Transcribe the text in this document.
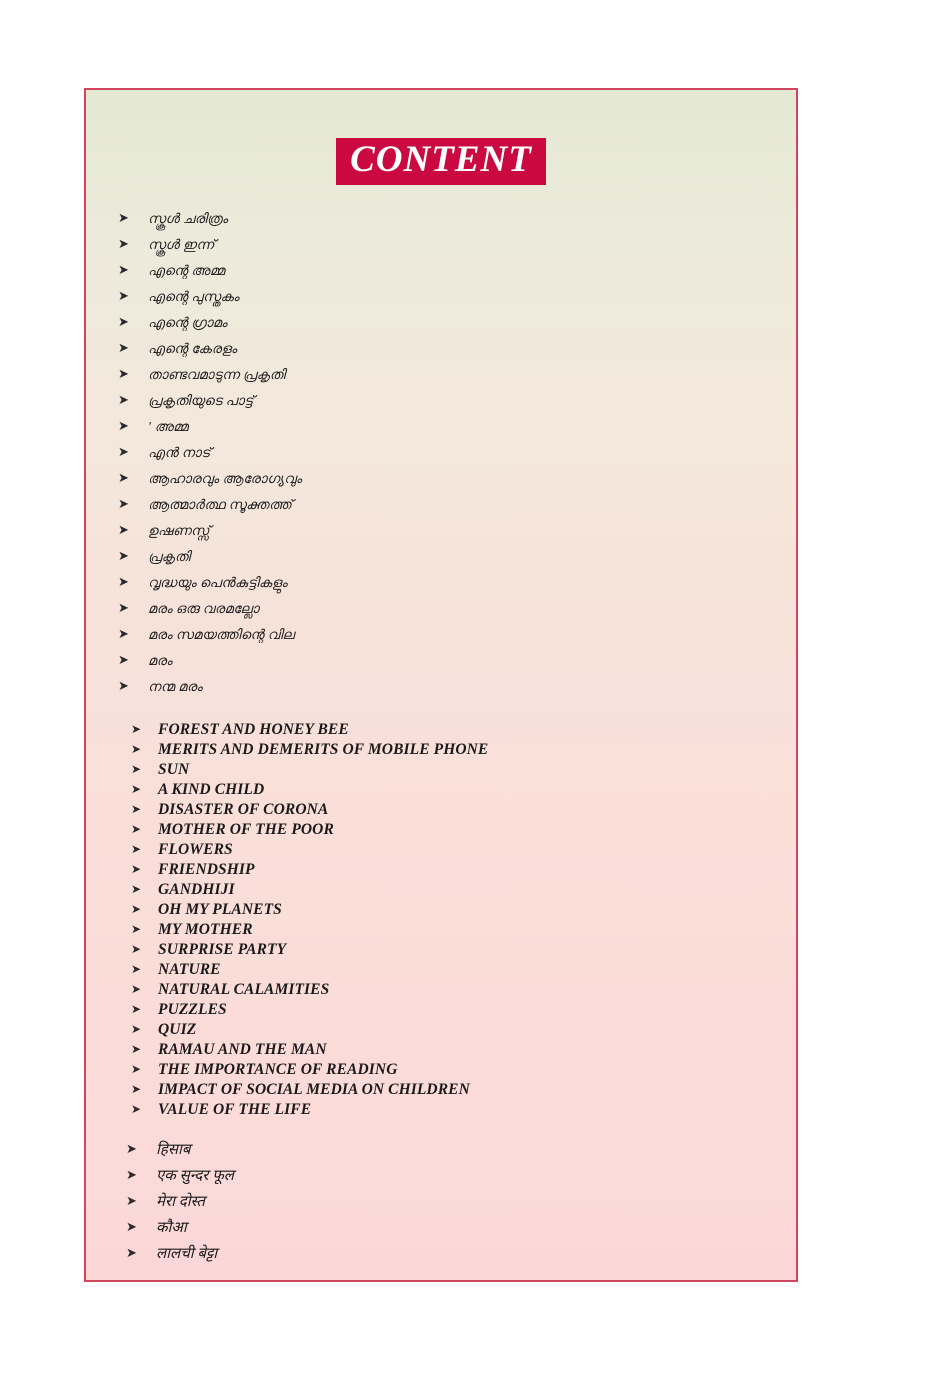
CONTENT
➤	സ്കൂൾ ചരിത്രം
➤	സ്കൂൾ ഇന്ന്
➤	എന്റെ അമ്മ
➤	എന്റെ പുസ്തകം
➤	എന്റെ ഗ്രാമം
➤	എന്റെ കേരളം
➤	താണ്ടവമാടുന്ന പ്രകൃതി
➤	പ്രകൃതിയുടെ പാട്ട്
➤	' അമ്മ
➤	എൻ നാട്
➤	ആഹാരവും ആരോഗ്യവും
➤	ആത്മാർത്ഥ സൂക്തത്ത്
➤	ഉഷണസ്സ്
➤	പ്രകൃതി
➤	വൃദ്ധയും പെൻകുട്ടികളും
➤	മരം ഒരു വരമല്ലോ
➤	മരം സമയത്തിന്റെ വില
➤	മരം
➤	നന്മ മരം
➤	FOREST AND HONEY BEE
➤	MERITS AND DEMERITS OF MOBILE PHONE
➤	SUN
➤	A KIND CHILD
➤	DISASTER OF CORONA
➤	MOTHER OF THE POOR
➤	FLOWERS
➤	FRIENDSHIP
➤	GANDHIJI
➤	OH MY PLANETS
➤	MY MOTHER
➤	SURPRISE PARTY
➤	NATURE
➤	NATURAL CALAMITIES
➤	PUZZLES
➤	QUIZ
➤	RAMAU AND THE MAN
➤	THE IMPORTANCE OF READING
➤	IMPACT OF SOCIAL MEDIA ON CHILDREN
➤	VALUE OF THE LIFE
➤	हिसाब
➤	एक सुन्दर फूल
➤	मेरा दोस्त
➤	कौआ
➤	लालची बेट्टा
